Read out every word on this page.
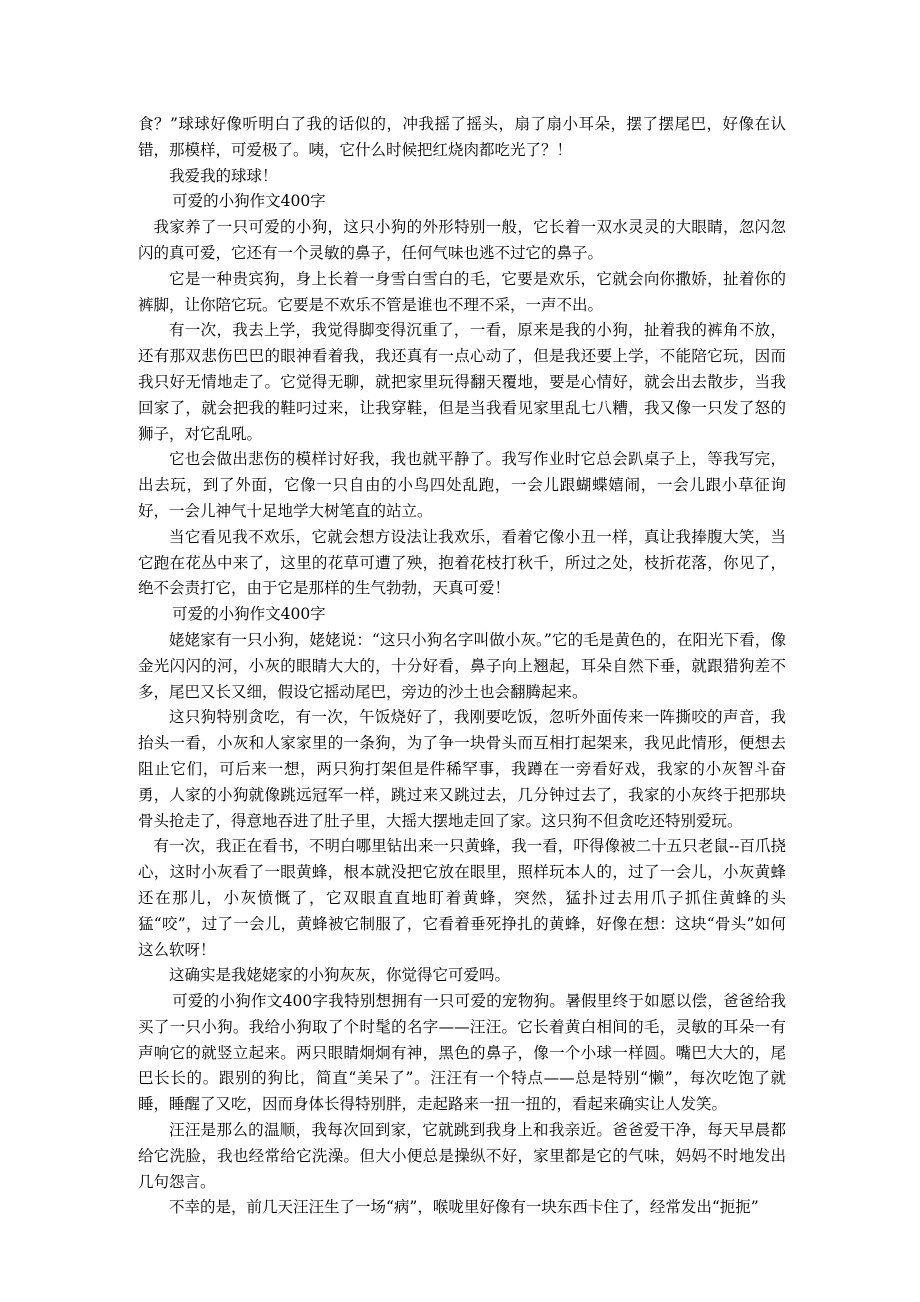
食？”球球好像听明白了我的话似的，冲我摇了摇头，扇了扇小耳朵，摆了摆尾巴，好像在认错，那模样，可爱极了。咦，它什么时候把红烧肉都吃光了？！

我爱我的球球！

可爱的小狗作文400字

我家养了一只可爱的小狗，这只小狗的外形特别一般，它长着一双水灵灵的大眼睛，忽闪忽闪的真可爱，它还有一个灵敏的鼻子，任何气味也逃不过它的鼻子。

它是一种贵宾狗，身上长着一身雪白雪白的毛，它要是欢乐，它就会向你撒娇，扯着你的裤脚，让你陪它玩。它要是不欢乐不管是谁也不理不采，一声不出。

有一次，我去上学，我觉得脚变得沉重了，一看，原来是我的小狗，扯着我的裤角不放，还有那双悲伤巴巴的眼神看着我，我还真有一点心动了，但是我还要上学，不能陪它玩，因而我只好无情地走了。它觉得无聊，就把家里玩得翻天覆地，要是心情好，就会出去散步，当我回家了，就会把我的鞋叼过来，让我穿鞋，但是当我看见家里乱七八糟，我又像一只发了怒的狮子，对它乱吼。

它也会做出悲伤的模样讨好我，我也就平静了。我写作业时它总会趴桌子上，等我写完，出去玩，到了外面，它像一只自由的小鸟四处乱跑，一会儿跟蝴蝶嬉闹，一会儿跟小草征询好，一会儿神气十足地学大树笔直的站立。

当它看见我不欢乐，它就会想方设法让我欢乐，看着它像小丑一样，真让我捧腹大笑，当它跑在花丛中来了，这里的花草可遭了殃，抱着花枝打秋千，所过之处，枝折花落，你见了，绝不会责打它，由于它是那样的生气勃勃，天真可爱！

可爱的小狗作文400字

姥姥家有一只小狗，姥姥说：“这只小狗名字叫做小灰。”它的毛是黄色的，在阳光下看，像金光闪闪的河，小灰的眼睛大大的，十分好看，鼻子向上翘起，耳朵自然下垂，就跟猎狗差不多，尾巴又长又细，假设它摇动尾巴，旁边的沙土也会翻腾起来。

这只狗特别贪吃，有一次，午饭烧好了，我刚要吃饭，忽听外面传来一阵撕咬的声音，我抬头一看，小灰和人家家里的一条狗，为了争一块骨头而互相打起架来，我见此情形，便想去阻止它们，可后来一想，两只狗打架但是件稀罕事，我蹲在一旁看好戏，我家的小灰智斗奋勇，人家的小狗就像跳远冠军一样，跳过来又跳过去，几分钟过去了，我家的小灰终于把那块骨头抢走了，得意地吞进了肚子里，大摇大摆地走回了家。这只狗不但贪吃还特别爱玩。

有一次，我正在看书，不明白哪里钻出来一只黄蜂，我一看，吓得像被二十五只老鼠--百爪挠心，这时小灰看了一眼黄蜂，根本就没把它放在眼里，照样玩本人的，过了一会儿，小灰黄蜂还在那儿，小灰愤慨了，它双眼直直地盯着黄蜂，突然，猛扑过去用爪子抓住黄蜂的头猛“咬”，过了一会儿，黄蜂被它制服了，它看着垂死挣扎的黄蜂，好像在想：这块“骨头”如何这么软呀！

这确实是我姥姥家的小狗灰灰，你觉得它可爱吗。

可爱的小狗作文400字我特别想拥有一只可爱的宠物狗。暑假里终于如愿以偿，爸爸给我买了一只小狗。我给小狗取了个时髦的名字——汪汪。它长着黄白相间的毛，灵敏的耳朵一有声响它的就竖立起来。两只眼睛炯炯有神，黑色的鼻子，像一个小球一样圆。嘴巴大大的，尾巴长长的。跟别的狗比，简直“美呆了”。汪汪有一个特点——总是特别“懒”，每次吃饱了就睡，睡醒了又吃，因而身体长得特别胖，走起路来一扭一扭的，看起来确实让人发笑。

汪汪是那么的温顺，我每次回到家，它就跳到我身上和我亲近。爸爸爱干净，每天早晨都给它洗脸，我也经常给它洗澡。但大小便总是操纵不好，家里都是它的气味，妈妈不时地发出几句怨言。

不幸的是，前几天汪汪生了一场“病”，喉咙里好像有一块东西卡住了，经常发出“扼扼”
